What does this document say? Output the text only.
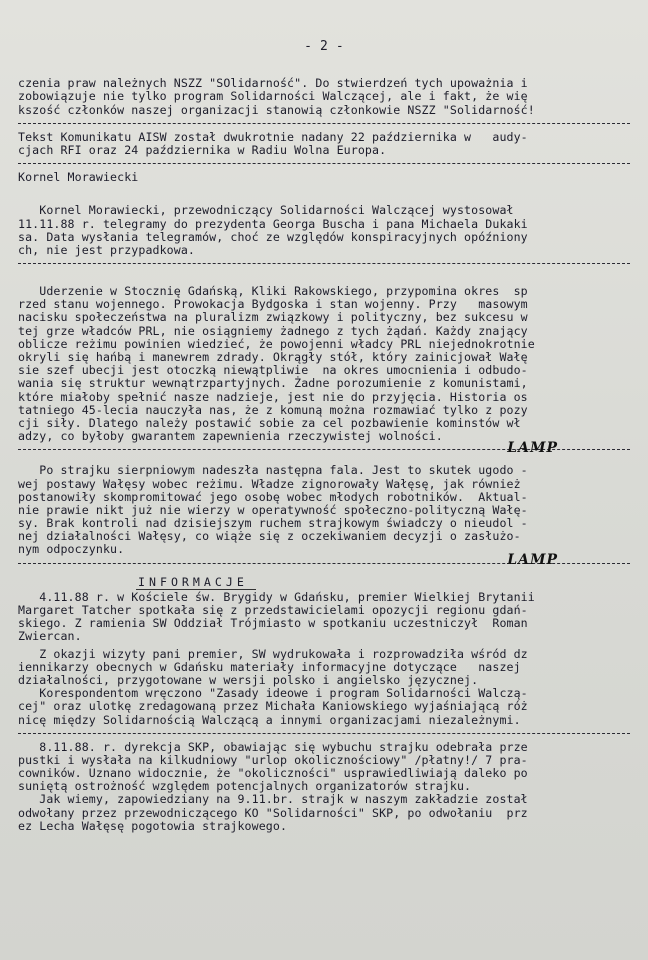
- 2 -
czenia praw należnych NSZZ "SOlidarność". Do stwierdzeń tych upoważnia i
zobowiązuje nie tylko program Solidarności Walczącej, ale i fakt, że wię
kszość członków naszej organizacji stanowią członkowie NSZZ "Solidarność!
Tekst Komunikatu AISW został dwukrotnie nadany 22 października w   audy-
cjach RFI oraz 24 października w Radiu Wolna Europa.
Kornel Morawiecki
Kornel Morawiecki, przewodniczący Solidarności Walczącej wystosował
11.11.88 r. telegramy do prezydenta Georga Buscha i pana Michaela Dukaki
sa. Data wysłania telegramów, choć ze względów konspiracyjnych opóźniony
ch, nie jest przypadkowa.
Uderzenie w Stocznię Gdańską, Kliki Rakowskiego, przypomina okres  sp
rzed stanu wojennego. Prowokacja Bydgoska i stan wojenny. Przy   masowym
nacisku społeczeństwa na pluralizm związkowy i polityczny, bez sukcesu w
tej grze władców PRL, nie osiągniemy żadnego z tych żądań. Każdy znający
oblicze reżimu powinien wiedzieć, że powojenni władcy PRL niejednokrotnie
okryli się hańbą i manewrem zdrady. Okrągły stół, który zainicjował Wałę
sie szef ubecji jest otoczką niewątpliwie  na okres umocnienia i odbudo-
wania się struktur wewnątrzpartyjnych. Żadne porozumienie z komunistami,
które miałoby spełnić nasze nadzieje, jest nie do przyjęcia. Historia os
tatniego 45-lecia nauczyła nas, że z komuną można rozmawiać tylko z pozy
cji siły. Dlatego należy postawić sobie za cel pozbawienie kominstów wł
adzy, co byłoby gwarantem zapewnienia rzeczywistej wolności.
LAMP
Po strajku sierpniowym nadeszła następna fala. Jest to skutek ugodo -
wej postawy Wałęsy wobec reżimu. Władze zignorowały Wałęsę, jak również
postanowiły skompromitować jego osobę wobec młodych robotników.  Aktual-
nie prawie nikt już nie wierzy w operatywność społeczno-polityczną Wałę-
sy. Brak kontroli nad dzisiejszym ruchem strajkowym świadczy o nieudol -
nej działalności Wałęsy, co wiąże się z oczekiwaniem decyzji o zasłużo-
nym odpoczynku.
LAMP
INFORMACJE
4.11.88 r. w Kościele św. Brygidy w Gdańsku, premier Wielkiej Brytanii
Margaret Tatcher spotkała się z przedstawicielami opozycji regionu gdań-
skiego. Z ramienia SW Oddział Trójmiasto w spotkaniu uczestniczył  Roman
Zwiercan.
Z okazji wizyty pani premier, SW wydrukowała i rozprowadziła wśród dz
iennikarzy obecnych w Gdańsku materiały informacyjne dotyczące   naszej
działalności, przygotowane w wersji polsko i angielsko języcznej.
Korespondentom wręczono "Zasady ideowe i program Solidarności Walczą-
cej" oraz ulotkę zredagowaną przez Michała Kaniowskiego wyjaśniającą róż
nicę między Solidarnością Walczącą a innymi organizacjami niezależnymi.
8.11.88. r. dyrekcja SKP, obawiając się wybuchu strajku odebrała prze
pustki i wysłała na kilkudniowy "urlop okolicznościowy" /płatny!/ 7 pra-
cowników. Uznano widocznie, że "okoliczności" usprawiedliwiają daleko po
suniętą ostrożność względem potencjalnych organizatorów strajku.
Jak wiemy, zapowiedziany na 9.11.br. strajk w naszym zakładzie został
odwołany przez przewodniczącego KO "Solidarności" SKP, po odwołaniu  prz
ez Lecha Wałęsę pogotowia strajkowego.
